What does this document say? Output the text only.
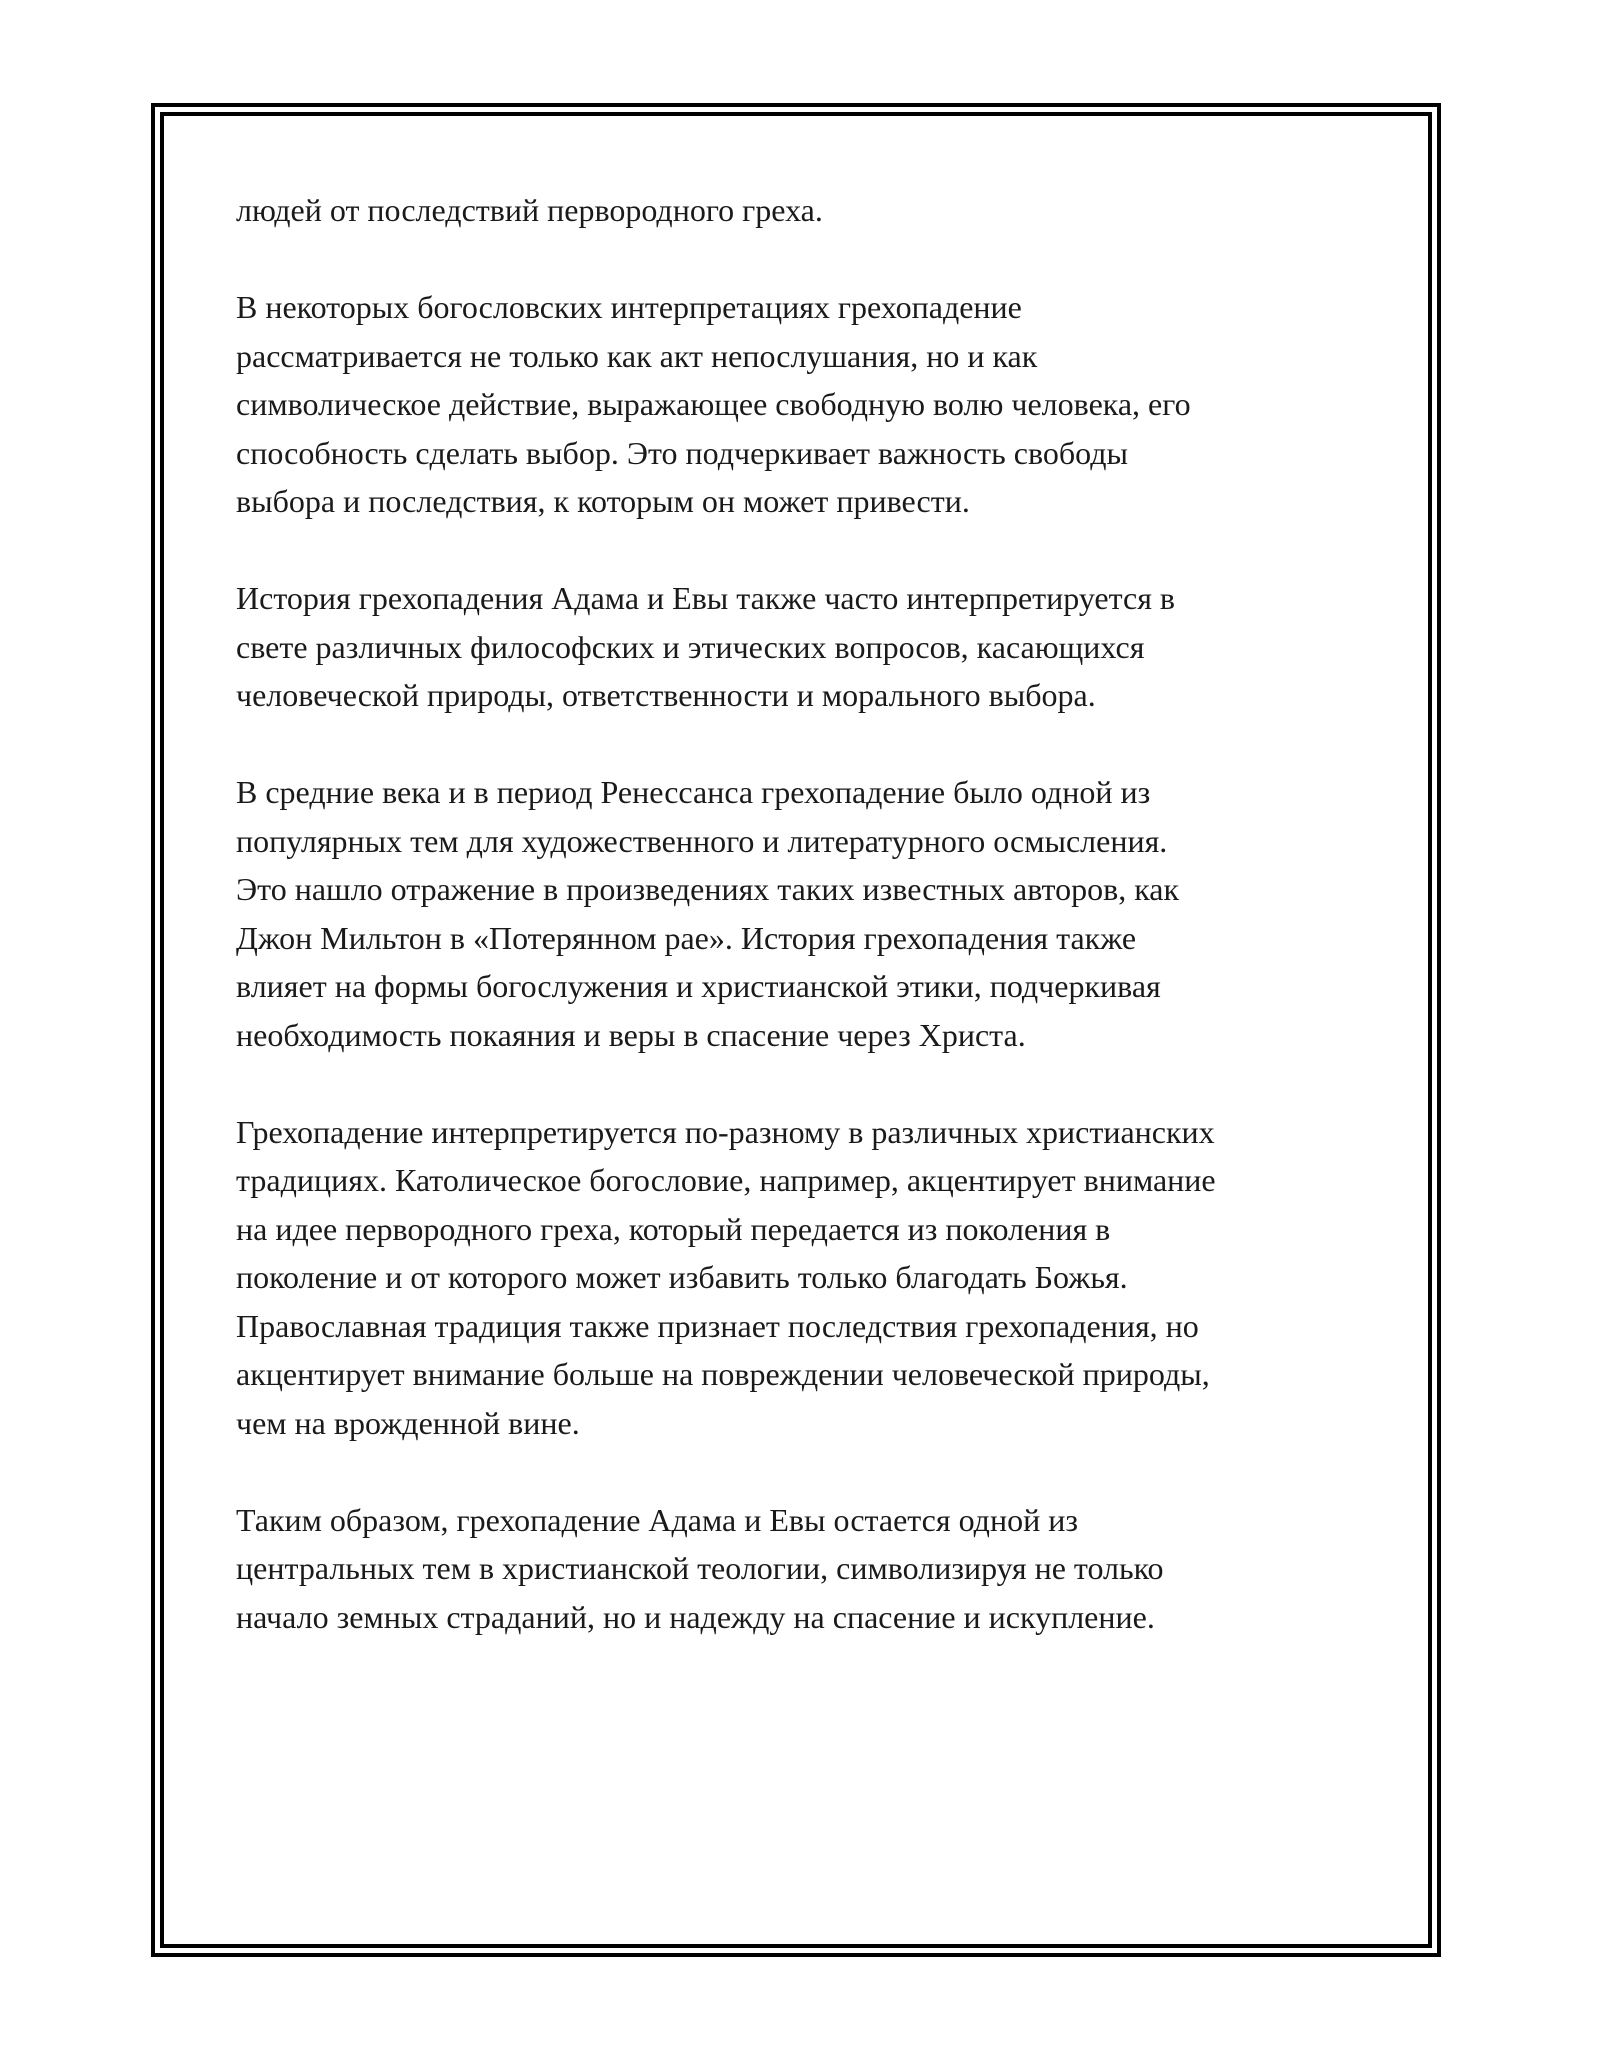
людей от последствий первородного греха.

В некоторых богословских интерпретациях грехопадение
рассматривается не только как акт непослушания, но и как
символическое действие, выражающее свободную волю человека, его
способность сделать выбор. Это подчеркивает важность свободы
выбора и последствия, к которым он может привести.

История грехопадения Адама и Евы также часто интерпретируется в
свете различных философских и этических вопросов, касающихся
человеческой природы, ответственности и морального выбора.

В средние века и в период Ренессанса грехопадение было одной из
популярных тем для художественного и литературного осмысления.
Это нашло отражение в произведениях таких известных авторов, как
Джон Мильтон в «Потерянном рае». История грехопадения также
влияет на формы богослужения и христианской этики, подчеркивая
необходимость покаяния и веры в спасение через Христа.

Грехопадение интерпретируется по-разному в различных христианских
традициях. Католическое богословие, например, акцентирует внимание
на идее первородного греха, который передается из поколения в
поколение и от которого может избавить только благодать Божья.
Православная традиция также признает последствия грехопадения, но
акцентирует внимание больше на повреждении человеческой природы,
чем на врожденной вине.

Таким образом, грехопадение Адама и Евы остается одной из
центральных тем в христианской теологии, символизируя не только
начало земных страданий, но и надежду на спасение и искупление.
